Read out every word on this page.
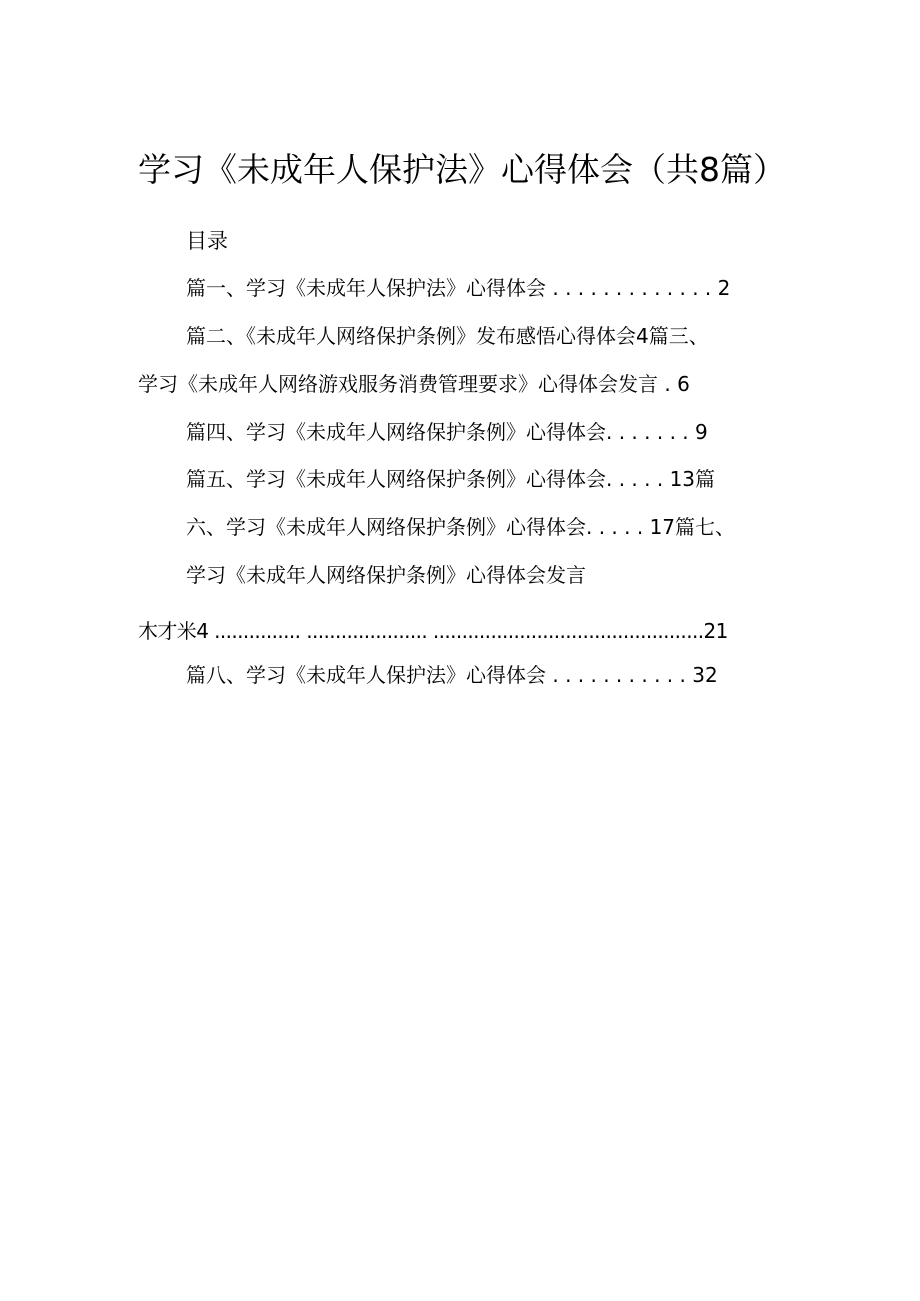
学习《未成年人保护法》心得体会（共8篇）
目录
篇一、学习《未成年人保护法》心得体会 . . . . . . . . . . . . . 2
篇二、《未成年人网络保护条例》发布感悟心得体会4篇三、
学习《未成年人网络游戏服务消费管理要求》心得体会发言 . 6
篇四、学习《未成年人网络保护条例》心得体会. . . . . . . 9
篇五、学习《未成年人网络保护条例》心得体会. . . . . 13篇
六、学习《未成年人网络保护条例》心得体会. . . . . 17篇七、
学习《未成年人网络保护条例》心得体会发言
木才米4 ............... ..................... ...............................................21
篇八、学习《未成年人保护法》心得体会 . . . . . . . . . . . 32
